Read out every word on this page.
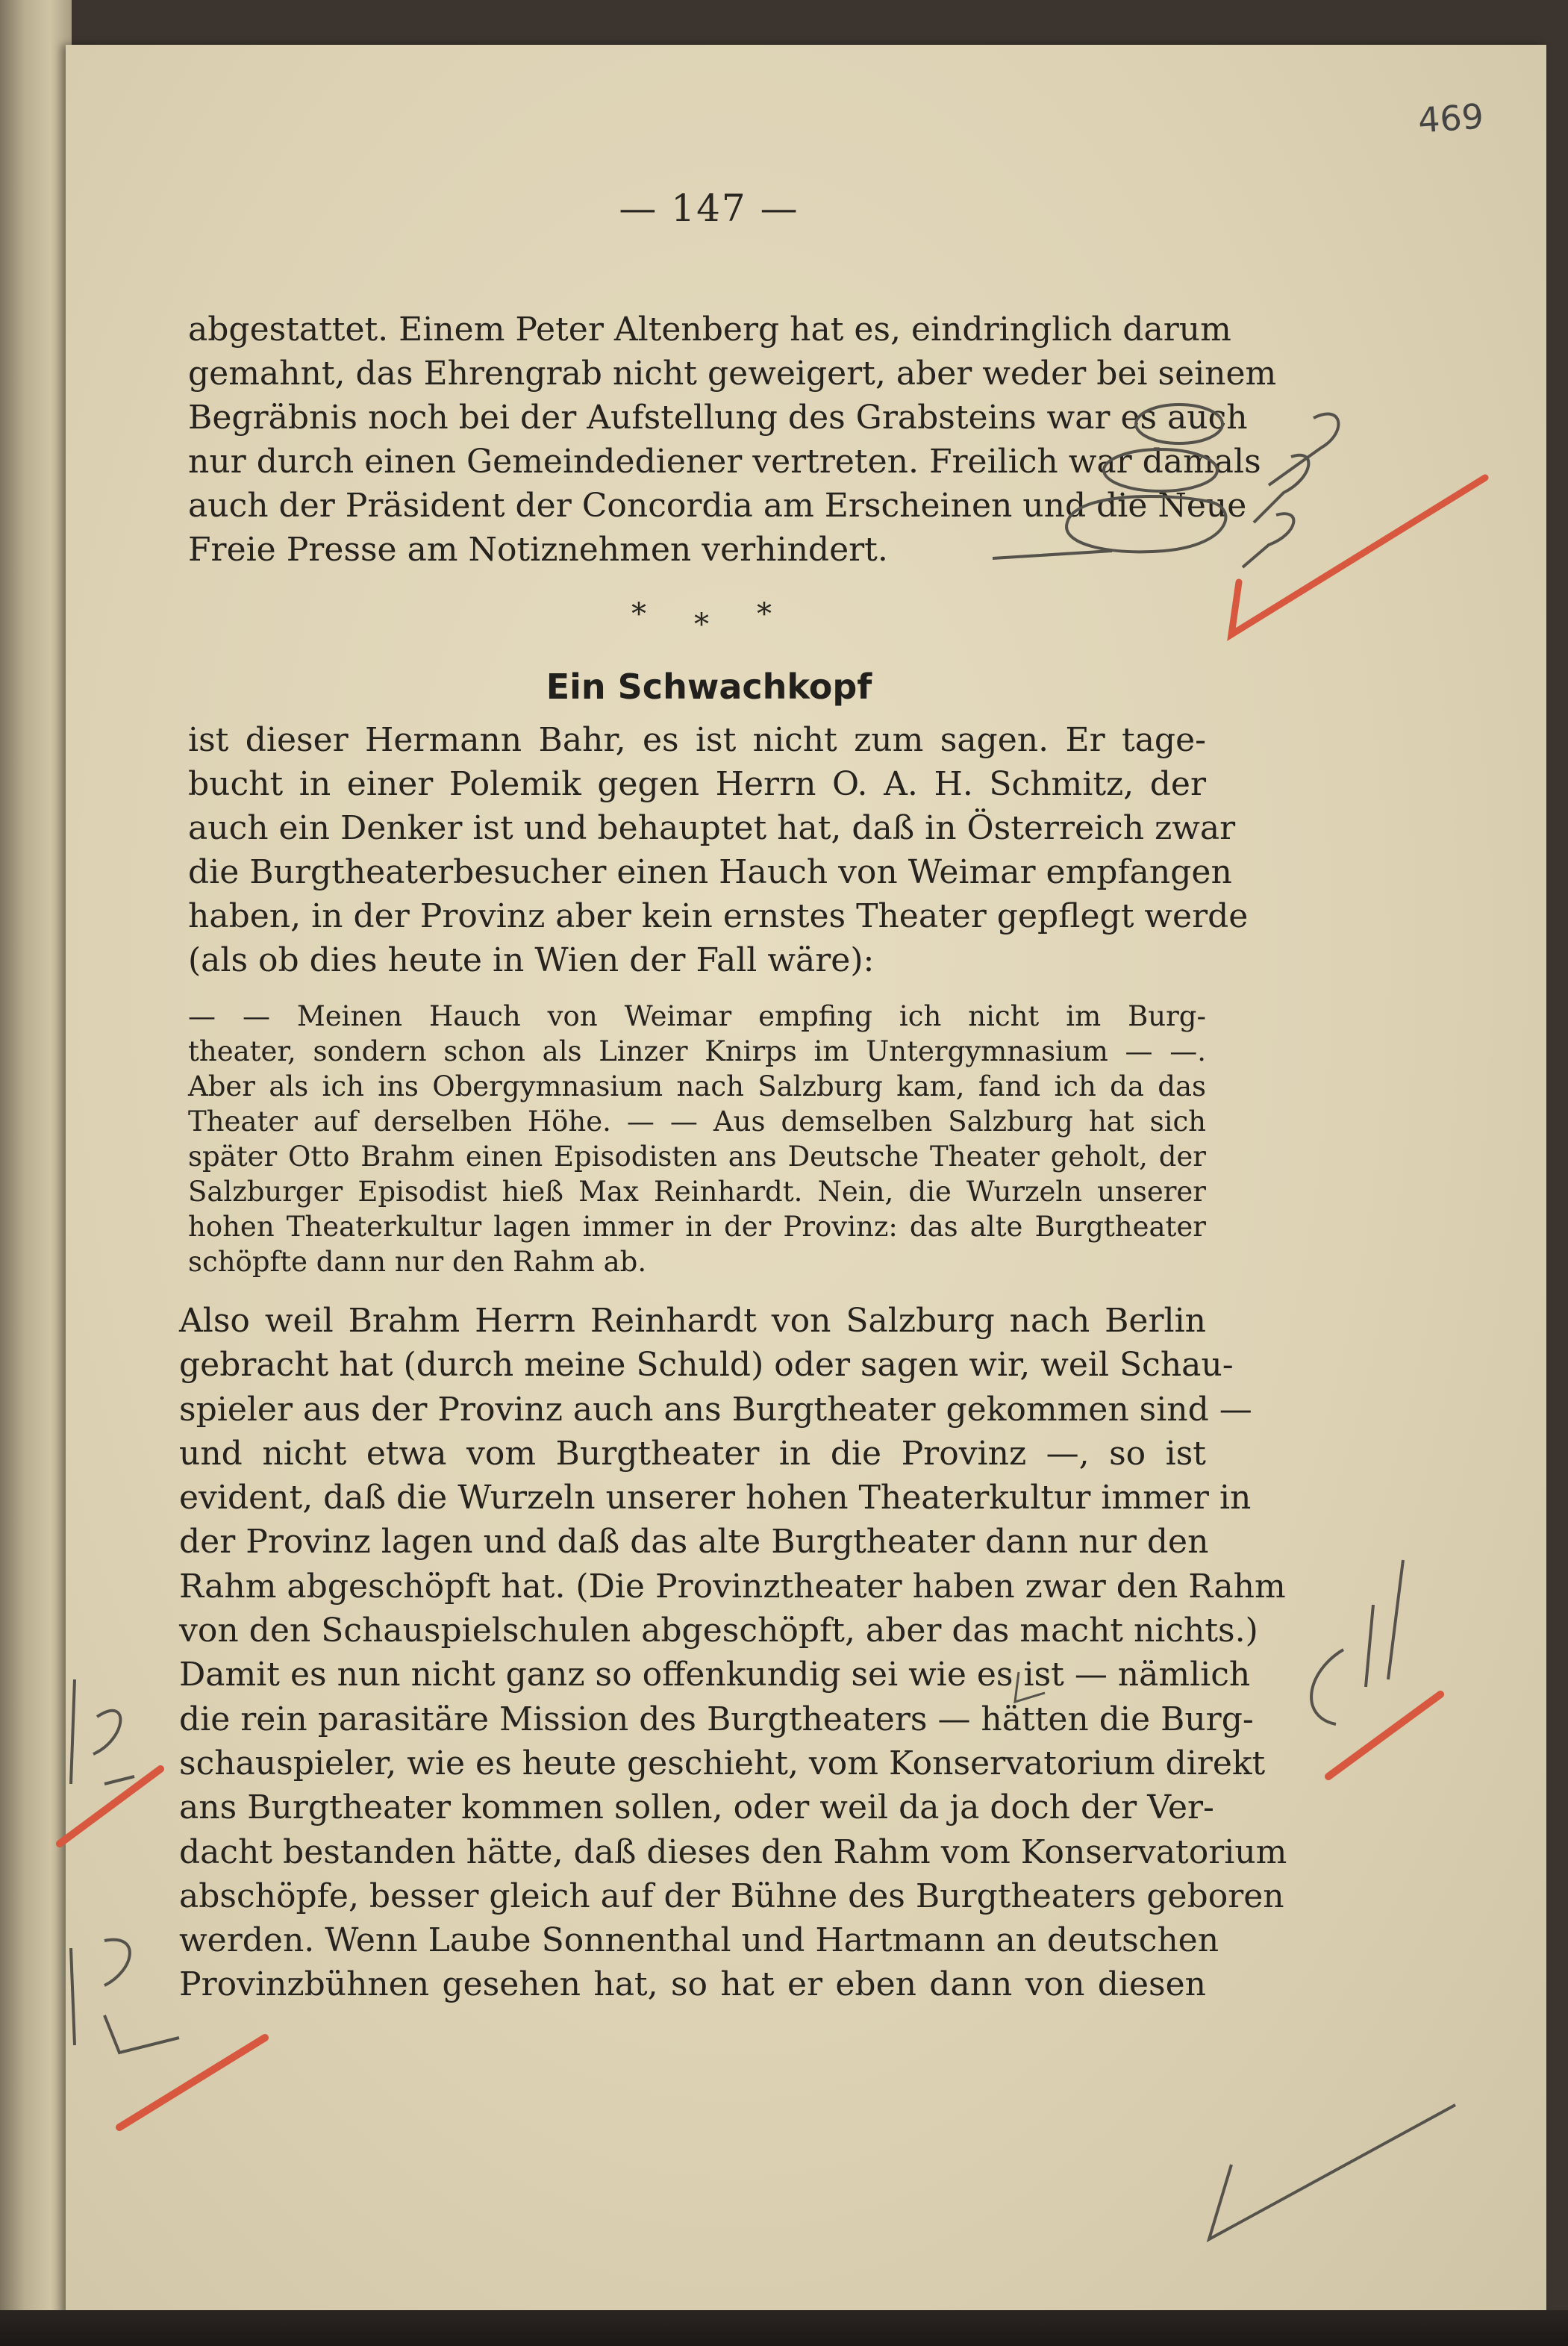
469
— 147 —
abgestattet. Einem Peter Altenberg hat es, eindringlich darum
gemahnt, das Ehrengrab nicht geweigert, aber weder bei seinem
Begräbnis noch bei der Aufstellung des Grabsteins war es auch
nur durch einen Gemeindediener vertreten. Freilich war damals
auch der Präsident der Concordia am Erscheinen und die Neue
Freie Presse am Notiznehmen verhindert.
* * *
Ein Schwachkopf
ist dieser Hermann Bahr, es ist nicht zum sagen. Er tage-
bucht in einer Polemik gegen Herrn O. A. H. Schmitz, der
auch ein Denker ist und behauptet hat, daß in Österreich zwar
die Burgtheaterbesucher einen Hauch von Weimar empfangen
haben, in der Provinz aber kein ernstes Theater gepflegt werde
(als ob dies heute in Wien der Fall wäre):
— — Meinen Hauch von Weimar empfing ich nicht im Burg-
theater, sondern schon als Linzer Knirps im Untergymnasium — —.
Aber als ich ins Obergymnasium nach Salzburg kam, fand ich da das
Theater auf derselben Höhe. — — Aus demselben Salzburg hat sich
später Otto Brahm einen Episodisten ans Deutsche Theater geholt, der
Salzburger Episodist hieß Max Reinhardt. Nein, die Wurzeln unserer
hohen Theaterkultur lagen immer in der Provinz: das alte Burgtheater
schöpfte dann nur den Rahm ab.
Also weil Brahm Herrn Reinhardt von Salzburg nach Berlin
gebracht hat (durch meine Schuld) oder sagen wir, weil Schau-
spieler aus der Provinz auch ans Burgtheater gekommen sind —
und nicht etwa vom Burgtheater in die Provinz —, so ist
evident, daß die Wurzeln unserer hohen Theaterkultur immer in
der Provinz lagen und daß das alte Burgtheater dann nur den
Rahm abgeschöpft hat. (Die Provinztheater haben zwar den Rahm
von den Schauspielschulen abgeschöpft, aber das macht nichts.)
Damit es nun nicht ganz so offenkundig sei wie es ist — nämlich
die rein parasitäre Mission des Burgtheaters — hätten die Burg-
schauspieler, wie es heute geschieht, vom Konservatorium direkt
ans Burgtheater kommen sollen, oder weil da ja doch der Ver-
dacht bestanden hätte, daß dieses den Rahm vom Konservatorium
abschöpfe, besser gleich auf der Bühne des Burgtheaters geboren
werden. Wenn Laube Sonnenthal und Hartmann an deutschen
Provinzbühnen gesehen hat, so hat er eben dann von diesen
